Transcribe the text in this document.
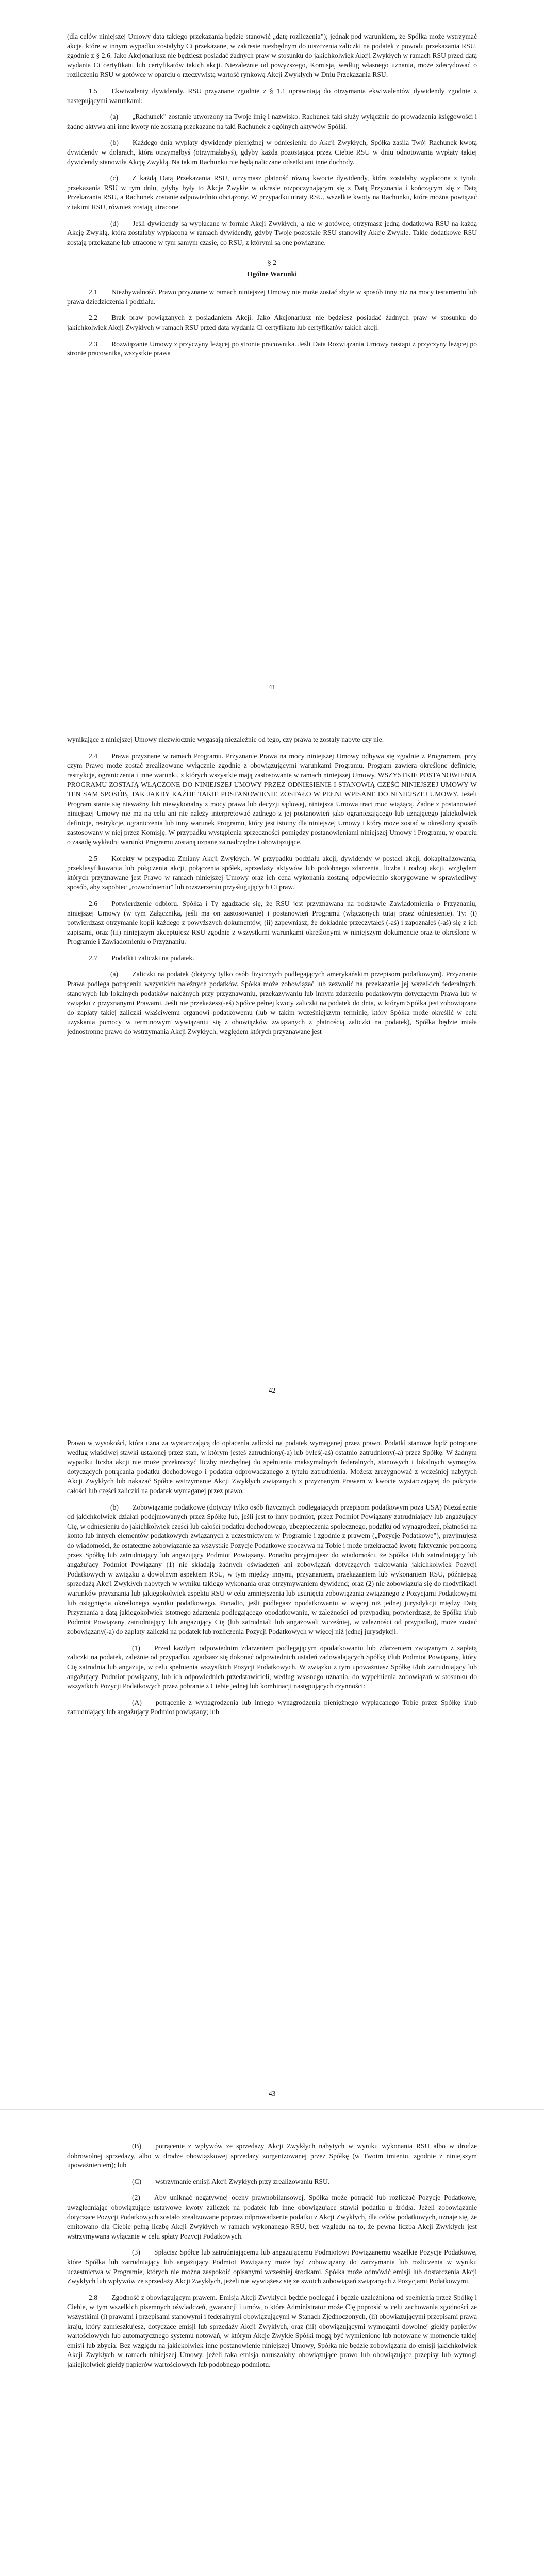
(dla celów niniejszej Umowy data takiego przekazania będzie stanowić „datę rozliczenia”); jednak pod warunkiem, że Spółka może wstrzymać akcje, które w innym wypadku zostałyby Ci przekazane, w zakresie niezbędnym do uiszczenia zaliczki na podatek z powodu przekazania RSU, zgodnie z § 2.6. Jako Akcjonariusz nie będziesz posiadać żadnych praw w stosunku do jakichkolwiek Akcji Zwykłych w ramach RSU przed datą wydania Ci certyfikatu lub certyfikatów takich akcji. Niezależnie od powyższego, Komisja, według własnego uznania, może zdecydować o rozliczeniu RSU w gotówce w oparciu o rzeczywistą wartość rynkową Akcji Zwykłych w Dniu Przekazania RSU.

1.5  Ekwiwalenty dywidendy. RSU przyznane zgodnie z § 1.1 uprawniają do otrzymania ekwiwalentów dywidendy zgodnie z następującymi warunkami:

(a)  „Rachunek” zostanie utworzony na Twoje imię i nazwisko. Rachunek taki służy wyłącznie do prowadzenia księgowości i żadne aktywa ani inne kwoty nie zostaną przekazane na taki Rachunek z ogólnych aktywów Spółki.

(b)  Każdego dnia wypłaty dywidendy pieniężnej w odniesieniu do Akcji Zwykłych, Spółka zasila Twój Rachunek kwotą dywidendy w dolarach, która otrzymałbyś (otrzymałabyś), gdyby każda pozostająca przez Ciebie RSU w dniu odnotowania wypłaty takiej dywidendy stanowiła Akcję Zwykłą. Na takim Rachunku nie będą naliczane odsetki ani inne dochody.

(c)  Z każdą Datą Przekazania RSU, otrzymasz płatność równą kwocie dywidendy, która zostałaby wypłacona z tytułu przekazania RSU w tym dniu, gdyby były to Akcje Zwykłe w okresie rozpoczynającym się z Datą Przyznania i kończącym się z Datą Przekazania RSU, a Rachunek zostanie odpowiednio obciążony. W przypadku utraty RSU, wszelkie kwoty na Rachunku, które można powiązać z takimi RSU, również zostają utracone.

(d)  Jeśli dywidendy są wypłacane w formie Akcji Zwykłych, a nie w gotówce, otrzymasz jedną dodatkową RSU na każdą Akcję Zwykłą, która zostałaby wypłacona w ramach dywidendy, gdyby Twoje pozostałe RSU stanowiły Akcje Zwykłe. Takie dodatkowe RSU zostają przekazane lub utracone w tym samym czasie, co RSU, z którymi są one powiązane.

§ 2
Ogólne Warunki

2.1  Niezbywalność. Prawo przyznane w ramach niniejszej Umowy nie może zostać zbyte w sposób inny niż na mocy testamentu lub prawa dziedziczenia i podziału.

2.2  Brak praw powiązanych z posiadaniem Akcji. Jako Akcjonariusz nie będziesz posiadać żadnych praw w stosunku do jakichkolwiek Akcji Zwykłych w ramach RSU przed datą wydania Ci certyfikatu lub certyfikatów takich akcji.

2.3  Rozwiązanie Umowy z przyczyny leżącej po stronie pracownika. Jeśli Data Rozwiązania Umowy nastąpi z przyczyny leżącej po stronie pracownika, wszystkie prawa

41

wynikające z niniejszej Umowy niezwłocznie wygasają niezależnie od tego, czy prawa te zostały nabyte czy nie.

2.4  Prawa przyznane w ramach Programu. Przyznanie Prawa na mocy niniejszej Umowy odbywa się zgodnie z Programem, przy czym Prawo może zostać zrealizowane wyłącznie zgodnie z obowiązującymi warunkami Programu. Program zawiera określone definicje, restrykcje, ograniczenia i inne warunki, z których wszystkie mają zastosowanie w ramach niniejszej Umowy. WSZYSTKIE POSTANOWIENIA PROGRAMU ZOSTAJĄ WŁĄCZONE DO NINIEJSZEJ UMOWY PRZEZ ODNIESIENIE I STANOWIĄ CZĘŚĆ NINIEJSZEJ UMOWY W TEN SAM SPOSÓB, TAK JAKBY KAŻDE TAKIE POSTANOWIENIE ZOSTAŁO W PEŁNI WPISANE DO NINIEJSZEJ UMOWY. Jeżeli Program stanie się nieważny lub niewykonalny z mocy prawa lub decyzji sądowej, niniejsza Umowa traci moc wiążącą. Żadne z postanowień niniejszej Umowy nie ma na celu ani nie należy interpretować żadnego z jej postanowień jako ograniczającego lub uznającego jakiekolwiek definicje, restrykcje, ograniczenia lub inny warunek Programu, który jest istotny dla niniejszej Umowy i który może zostać w określony sposób zastosowany w niej przez Komisję. W przypadku wystąpienia sprzeczności pomiędzy postanowieniami niniejszej Umowy i Programu, w oparciu o zasadę wykładni warunki Programu zostaną uznane za nadrzędne i obowiązujące.

2.5  Korekty w przypadku Zmiany Akcji Zwykłych. W przypadku podziału akcji, dywidendy w postaci akcji, dokapitalizowania, przeklasyfikowania lub połączenia akcji, połączenia spółek, sprzedaży aktywów lub podobnego zdarzenia, liczba i rodzaj akcji, względem których przyznawane jest Prawo w ramach niniejszej Umowy oraz ich cena wykonania zostaną odpowiednio skorygowane w sprawiedliwy sposób, aby zapobiec „rozwodnieniu” lub rozszerzeniu przysługujących Ci praw.

2.6  Potwierdzenie odbioru. Spółka i Ty zgadzacie się, że RSU jest przyznawana na podstawie Zawiadomienia o Przyznaniu, niniejszej Umowy (w tym Załącznika, jeśli ma on zastosowanie) i postanowień Programu (włączonych tutaj przez odniesienie). Ty: (i) potwierdzasz otrzymanie kopii każdego z powyższych dokumentów, (ii) zapewniasz, że dokładnie przeczytałeś (-aś) i zapoznałeś (-aś) się z ich zapisami, oraz (iii) niniejszym akceptujesz RSU zgodnie z wszystkimi warunkami określonymi w niniejszym dokumencie oraz te określone w Programie i Zawiadomieniu o Przyznaniu.

2.7  Podatki i zaliczki na podatek.

(a)  Zaliczki na podatek (dotyczy tylko osób fizycznych podlegających amerykańskim przepisom podatkowym). Przyznanie Prawa podlega potrąceniu wszystkich należnych podatków. Spółka może zobowiązać lub zezwolić na przekazanie jej wszelkich federalnych, stanowych lub lokalnych podatków należnych przy przyznawaniu, przekazywaniu lub innym zdarzeniu podatkowym dotyczącym Prawa lub w związku z przyznanymi Prawami. Jeśli nie przekażesz(-eś) Spółce pełnej kwoty zaliczki na podatek do dnia, w którym Spółka jest zobowiązana do zapłaty takiej zaliczki właściwemu organowi podatkowemu (lub w takim wcześniejszym terminie, który Spółka może określić w celu uzyskania pomocy w terminowym wywiązaniu się z obowiązków związanych z płatnością zaliczki na podatek), Spółka będzie miała jednostronne prawo do wstrzymania Akcji Zwykłych, względem których przyznawane jest

42

Prawo w wysokości, która uzna za wystarczającą do opłacenia zaliczki na podatek wymaganej przez prawo. Podatki stanowe bądź potrącane według właściwej stawki ustalonej przez stan, w którym jesteś zatrudniony(-a) lub byłeś(-aś) ostatnio zatrudniony(-a) przez Spółkę. W żadnym wypadku liczba akcji nie może przekroczyć liczby niezbędnej do spełnienia maksymalnych federalnych, stanowych i lokalnych wymogów dotyczących potrącania podatku dochodowego i podatku odprowadzanego z tytułu zatrudnienia. Możesz zrezygnować z wcześniej nabytych Akcji Zwykłych lub nakazać Spółce wstrzymanie Akcji Zwykłych związanych z przyznanym Prawem w kwocie wystarczającej do pokrycia całości lub części zaliczki na podatek wymaganej przez prawo.

(b)  Zobowiązanie podatkowe (dotyczy tylko osób fizycznych podlegających przepisom podatkowym poza USA) Niezależnie od jakichkolwiek działań podejmowanych przez Spółkę lub, jeśli jest to inny podmiot, przez Podmiot Powiązany zatrudniający lub angażujący Cię, w odniesieniu do jakichkolwiek części lub całości podatku dochodowego, ubezpieczenia społecznego, podatku od wynagrodzeń, płatności na konto lub innych elementów podatkowych związanych z uczestnictwem w Programie i zgodnie z prawem („Pozycje Podatkowe”), przyjmujesz do wiadomości, że ostateczne zobowiązanie za wszystkie Pozycje Podatkowe spoczywa na Tobie i może przekraczać kwotę faktycznie potrąconą przez Spółkę lub zatrudniający lub angażujący Podmiot Powiązany. Ponadto przyjmujesz do wiadomości, że Spółka i/lub zatrudniający lub angażujący Podmiot Powiązany (1) nie składają żadnych oświadczeń ani zobowiązań dotyczących traktowania jakichkolwiek Pozycji Podatkowych w związku z dowolnym aspektem RSU, w tym między innymi, przyznaniem, przekazaniem lub wykonaniem RSU, późniejszą sprzedażą Akcji Zwykłych nabytych w wyniku takiego wykonania oraz otrzymywaniem dywidend; oraz (2) nie zobowiązują się do modyfikacji warunków przyznania lub jakiegokolwiek aspektu RSU w celu zmniejszenia lub usunięcia zobowiązania związanego z Pozycjami Podatkowymi lub osiągnięcia określonego wyniku podatkowego. Ponadto, jeśli podlegasz opodatkowaniu w więcej niż jednej jurysdykcji między Datą Przyznania a datą jakiegokolwiek istotnego zdarzenia podlegającego opodatkowaniu, w zależności od przypadku, potwierdzasz, że Spółka i/lub Podmiot Powiązany zatrudniający lub angażujący Cię (lub zatrudniali lub angażowali wcześniej, w zależności od przypadku), może zostać zobowiązany(-a) do zapłaty zaliczki na podatek lub rozliczenia Pozycji Podatkowych w więcej niż jednej jurysdykcji.

(1)  Przed każdym odpowiednim zdarzeniem podlegającym opodatkowaniu lub zdarzeniem związanym z zapłatą zaliczki na podatek, zależnie od przypadku, zgadzasz się dokonać odpowiednich ustaleń zadowalających Spółkę i/lub Podmiot Powiązany, który Cię zatrudnia lub angażuje, w celu spełnienia wszystkich Pozycji Podatkowych. W związku z tym upoważniasz Spółkę i/lub zatrudniający lub angażujący Podmiot powiązany, lub ich odpowiednich przedstawicieli, według własnego uznania, do wypełnienia zobowiązań w stosunku do wszystkich Pozycji Podatkowych przez pobranie z Ciebie jednej lub kombinacji następujących czynności:

(A)  potrącenie z wynagrodzenia lub innego wynagrodzenia pieniężnego wypłacanego Tobie przez Spółkę i/lub zatrudniający lub angażujący Podmiot powiązany; lub

43

(B)  potrącenie z wpływów ze sprzedaży Akcji Zwykłych nabytych w wyniku wykonania RSU albo w drodze dobrowolnej sprzedaży, albo w drodze obowiązkowej sprzedaży zorganizowanej przez Spółkę (w Twoim imieniu, zgodnie z niniejszym upoważnieniem); lub

(C)  wstrzymanie emisji Akcji Zwykłych przy zrealizowaniu RSU.

(2)  Aby uniknąć negatywnej oceny prawnobilansowej, Spółka może potrącić lub rozliczać Pozycje Podatkowe, uwzględniając obowiązujące ustawowe kwoty zaliczek na podatek lub inne obowiązujące stawki podatku u źródła. Jeżeli zobowiązanie dotyczące Pozycji Podatkowych zostało zrealizowane poprzez odprowadzenie podatku z Akcji Zwykłych, dla celów podatkowych, uznaje się, że emitowano dla Ciebie pełną liczbę Akcji Zwykłych w ramach wykonanego RSU, bez względu na to, że pewna liczba Akcji Zwykłych jest wstrzymywana wyłącznie w celu spłaty Pozycji Podatkowych.

(3)  Spłacisz Spółce lub zatrudniającemu lub angażującemu Podmiotowi Powiązanemu wszelkie Pozycje Podatkowe, które Spółka lub zatrudniający lub angażujący Podmiot Powiązany może być zobowiązany do zatrzymania lub rozliczenia w wyniku uczestnictwa w Programie, których nie można zaspokoić opisanymi wcześniej środkami. Spółka może odmówić emisji lub dostarczenia Akcji Zwykłych lub wpływów ze sprzedaży Akcji Zwykłych, jeżeli nie wywiążesz się ze swoich zobowiązań związanych z Pozycjami Podatkowymi.

2.8  Zgodność z obowiązującym prawem. Emisja Akcji Zwykłych będzie podlegać i będzie uzależniona od spełnienia przez Spółkę i Ciebie, w tym wszelkich pisemnych oświadczeń, gwarancji i umów, o które Administrator może Cię poprosić w celu zachowania zgodności ze wszystkimi (i) prawami i przepisami stanowymi i federalnymi obowiązującymi w Stanach Zjednoczonych, (ii) obowiązującymi przepisami prawa kraju, który zamieszkujesz, dotyczące emisji lub sprzedaży Akcji Zwykłych, oraz (iii) obowiązującymi wymogami dowolnej giełdy papierów wartościowych lub automatycznego systemu notowań, w którym Akcje Zwykłe Spółki mogą być wymienione lub notowane w momencie takiej emisji lub zbycia. Bez względu na jakiekolwiek inne postanowienie niniejszej Umowy, Spółka nie będzie zobowiązana do emisji jakichkolwiek Akcji Zwykłych w ramach niniejszej Umowy, jeżeli taka emisja naruszałaby obowiązujące prawo lub obowiązujące przepisy lub wymogi jakiejkolwiek giełdy papierów wartościowych lub podobnego podmiotu.
